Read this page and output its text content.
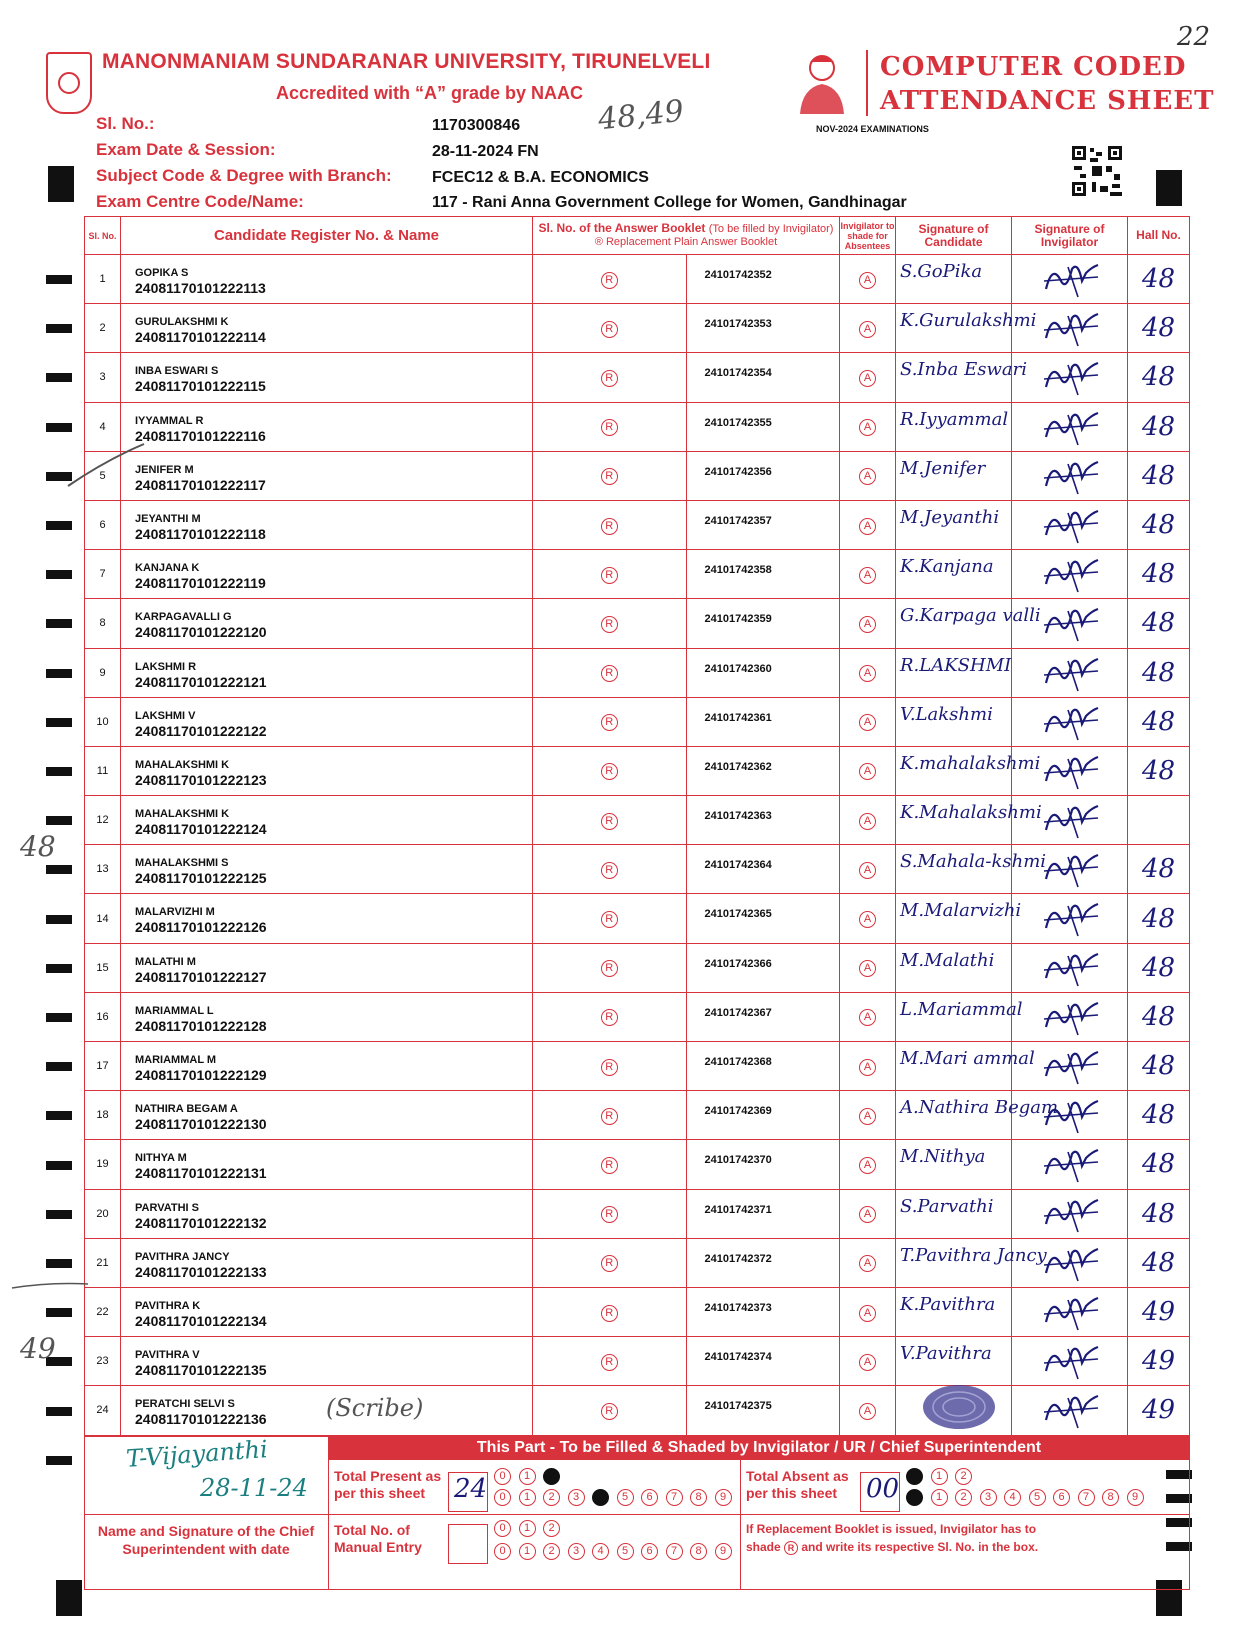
22
MANONMANIAM SUNDARANAR UNIVERSITY, TIRUNELVELI
Accredited with “A” grade by NAAC
COMPUTER CODED
ATTENDANCE SHEET
NOV-2024 EXAMINATIONS
Sl. No.:	1170300846
Exam Date & Session:	28-11-2024 FN
Subject Code & Degree with Branch:	FCEC12 & B.A. ECONOMICS
Exam Centre Code/Name:	117 - Rani Anna Government College for Women, Gandhinagar
48,49
Sl. No.	Candidate Register No. & Name	Sl. No. of the Answer Booklet (To be filled by Invigilator)
® Replacement Plain Answer Booklet		Invigilator to shade for Absentees	Signature of Candidate	Signature of Invigilator	Hall No.
1	GOPIKA S
24081170101222113	R	24101742352	A	S.GoPika		48
2	GURULAKSHMI K
24081170101222114	R	24101742353	A	K.Gurulakshmi		48
3	INBA ESWARI S
24081170101222115	R	24101742354	A	S.Inba Eswari		48
4	IYYAMMAL R
24081170101222116	R	24101742355	A	R.Iyyammal		48
5	JENIFER M
24081170101222117	R	24101742356	A	M.Jenifer		48
6	JEYANTHI M
24081170101222118	R	24101742357	A	M.Jeyanthi		48
7	KANJANA K
24081170101222119	R	24101742358	A	K.Kanjana		48
8	KARPAGAVALLI G
24081170101222120	R	24101742359	A	G.Karpaga valli		48
9	LAKSHMI R
24081170101222121	R	24101742360	A	R.LAKSHMI		48
10	LAKSHMI V
24081170101222122	R	24101742361	A	V.Lakshmi		48
11	MAHALAKSHMI K
24081170101222123	R	24101742362	A	K.mahalakshmi		48
12	MAHALAKSHMI K
24081170101222124	R	24101742363	A	K.Mahalakshmi

13	MAHALAKSHMI S
24081170101222125	R	24101742364	A	S.Mahala-kshmi		48
14	MALARVIZHI M
24081170101222126	R	24101742365	A	M.Malarvizhi		48
15	MALATHI M
24081170101222127	R	24101742366	A	M.Malathi		48
16	MARIAMMAL L
24081170101222128	R	24101742367	A	L.Mariammal		48
17	MARIAMMAL M
24081170101222129	R	24101742368	A	M.Mari ammal		48
18	NATHIRA BEGAM A
24081170101222130	R	24101742369	A	A.Nathira Begam		48
19	NITHYA M
24081170101222131	R	24101742370	A	M.Nithya		48
20	PARVATHI S
24081170101222132	R	24101742371	A	S.Parvathi		48
21	PAVITHRA JANCY
24081170101222133	R	24101742372	A	T.Pavithra Jancy		48
22	PAVITHRA K
24081170101222134	R	24101742373	A	K.Pavithra		49
23	PAVITHRA V
24081170101222135	R	24101742374	A	V.Pavithra		49
24	PERATCHI SELVI S
24081170101222136	R	24101742375	A			49
(Scribe)
48
49
This Part - To be Filled & Shaded by Invigilator / UR / Chief Superintendent
T-Vijayanthi
28-11-24
Name and Signature of the Chief Superintendent with date
Total Present as per this sheet	24	0	1	2
0	1	2	3	4	5	6	7	8	9
Total Absent as per this sheet	00	0	1	2
0	1	2	3	4	5	6	7	8	9
Total No. of Manual Entry
0	1	2
0	1	2	3	4	5	6	7	8	9
If Replacement Booklet is issued, Invigilator has to
shade R and write its respective Sl. No. in the box.
